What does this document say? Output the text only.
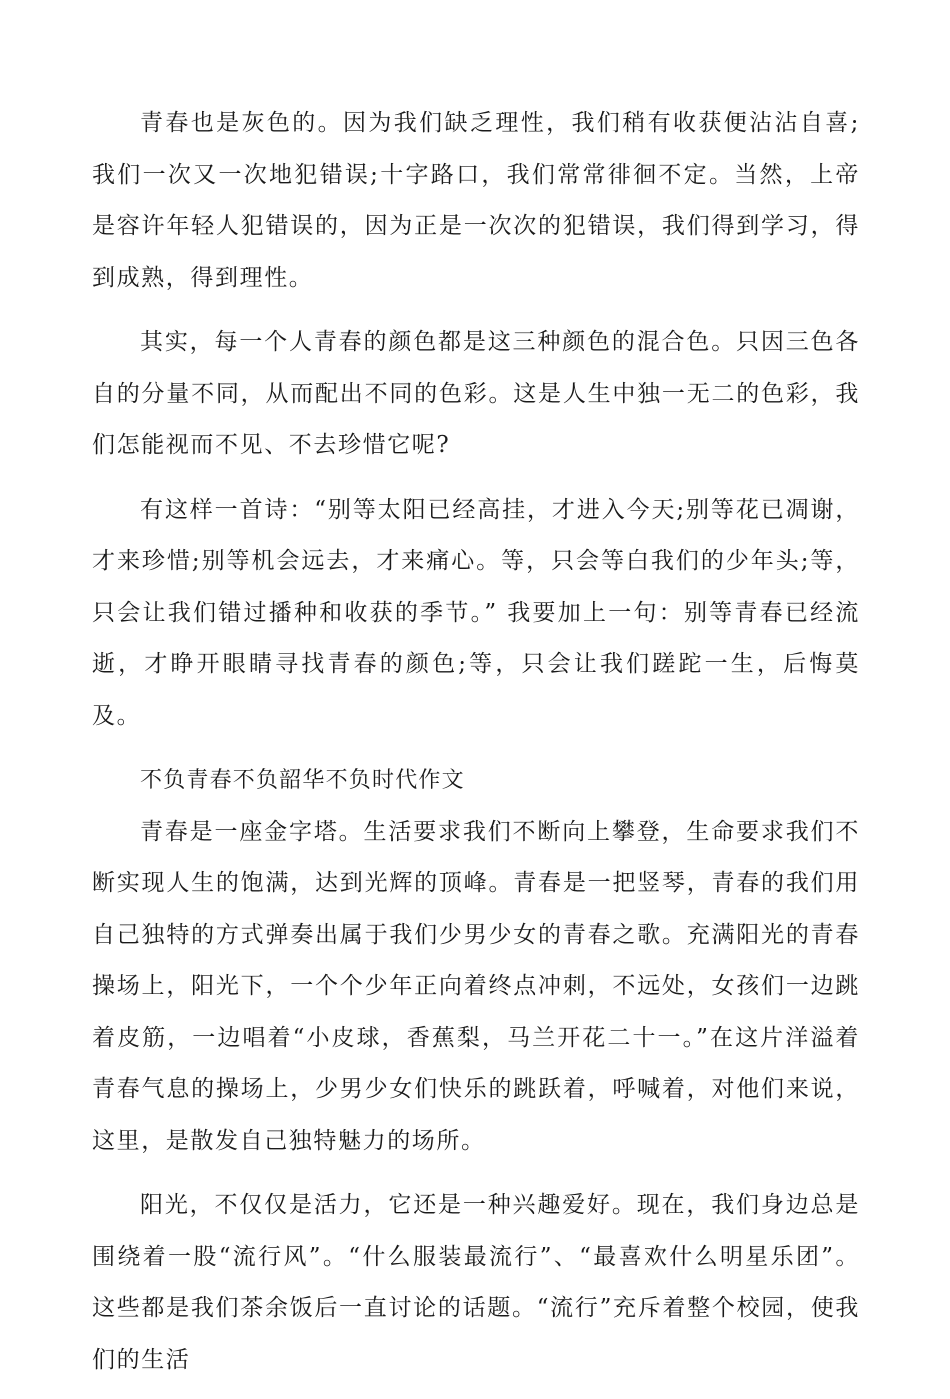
青春也是灰色的。因为我们缺乏理性，我们稍有收获便沾沾自喜;我们一次又一次地犯错误;十字路口，我们常常徘徊不定。当然，上帝是容许年轻人犯错误的，因为正是一次次的犯错误，我们得到学习，得到成熟，得到理性。

其实，每一个人青春的颜色都是这三种颜色的混合色。只因三色各自的分量不同，从而配出不同的色彩。这是人生中独一无二的色彩，我们怎能视而不见、不去珍惜它呢?

有这样一首诗：“别等太阳已经高挂，才进入今天;别等花已凋谢，才来珍惜;别等机会远去，才来痛心。等，只会等白我们的少年头;等，只会让我们错过播种和收获的季节。” 我要加上一句：别等青春已经流逝，才睁开眼睛寻找青春的颜色;等，只会让我们蹉跎一生，后悔莫及。

不负青春不负韶华不负时代作文

青春是一座金字塔。生活要求我们不断向上攀登，生命要求我们不断实现人生的饱满，达到光辉的顶峰。青春是一把竖琴，青春的我们用自己独特的方式弹奏出属于我们少男少女的青春之歌。充满阳光的青春操场上，阳光下，一个个少年正向着终点冲刺，不远处，女孩们一边跳着皮筋，一边唱着“小皮球，香蕉梨，马兰开花二十一。”在这片洋溢着青春气息的操场上，少男少女们快乐的跳跃着，呼喊着，对他们来说，这里，是散发自己独特魅力的场所。

阳光，不仅仅是活力，它还是一种兴趣爱好。现在，我们身边总是围绕着一股“流行风”。“什么服装最流行”、“最喜欢什么明星乐团”。这些都是我们茶余饭后一直讨论的话题。“流行”充斥着整个校园，使我们的生活
